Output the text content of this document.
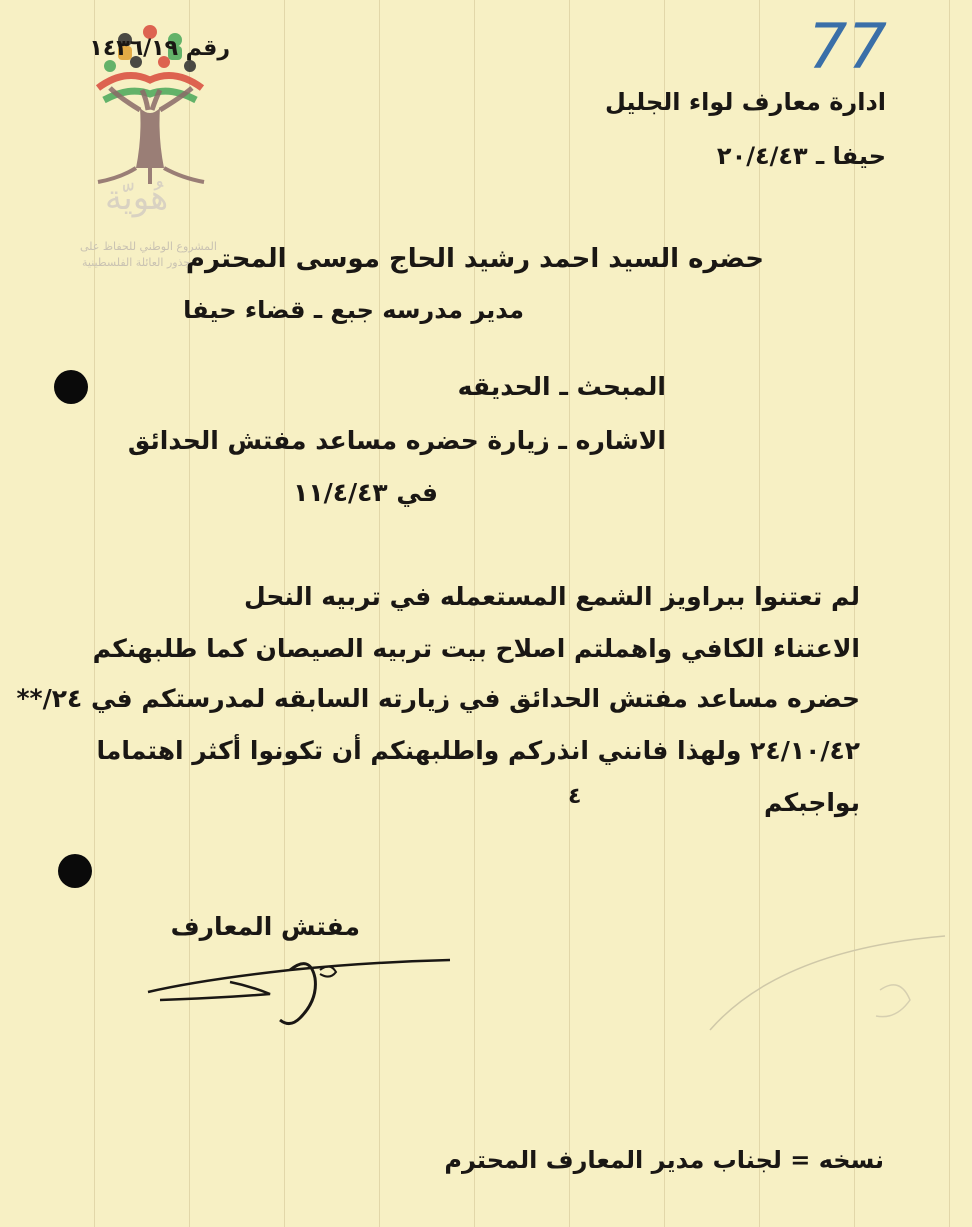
هُويّة
المشروع الوطني للحفاظ على
جذور العائلة الفلسطينية
77
رقم ١٤٣٦/١٩
ادارة معارف لواء الجليل
حيفا ـ ٢٠/٤/٤٣
حضره السيد احمد رشيد الحاج موسى المحترم
مدير مدرسه جبع ـ قضاء حيفا
المبحث ـ الحديقه
الاشاره ـ زيارة حضره مساعد مفتش الحدائق
في ١١/٤/٤٣
لم تعتنوا ببراويز الشمع المستعمله في تربيه النحل
الاعتناء الكافي واهملتم اصلاح بيت تربيه الصيصان كما طلبهنكم
حضره مساعد مفتش الحدائق في زيارته السابقه لمدرستكم في ٢٤/**
٢٤/١٠/٤٢ ولهذا فانني انذركم واطلبهنكم أن تكونوا أكثر اهتماما
بواجبكم
٤
مفتش المعارف
نسخه = لجناب مدير المعارف المحترم
